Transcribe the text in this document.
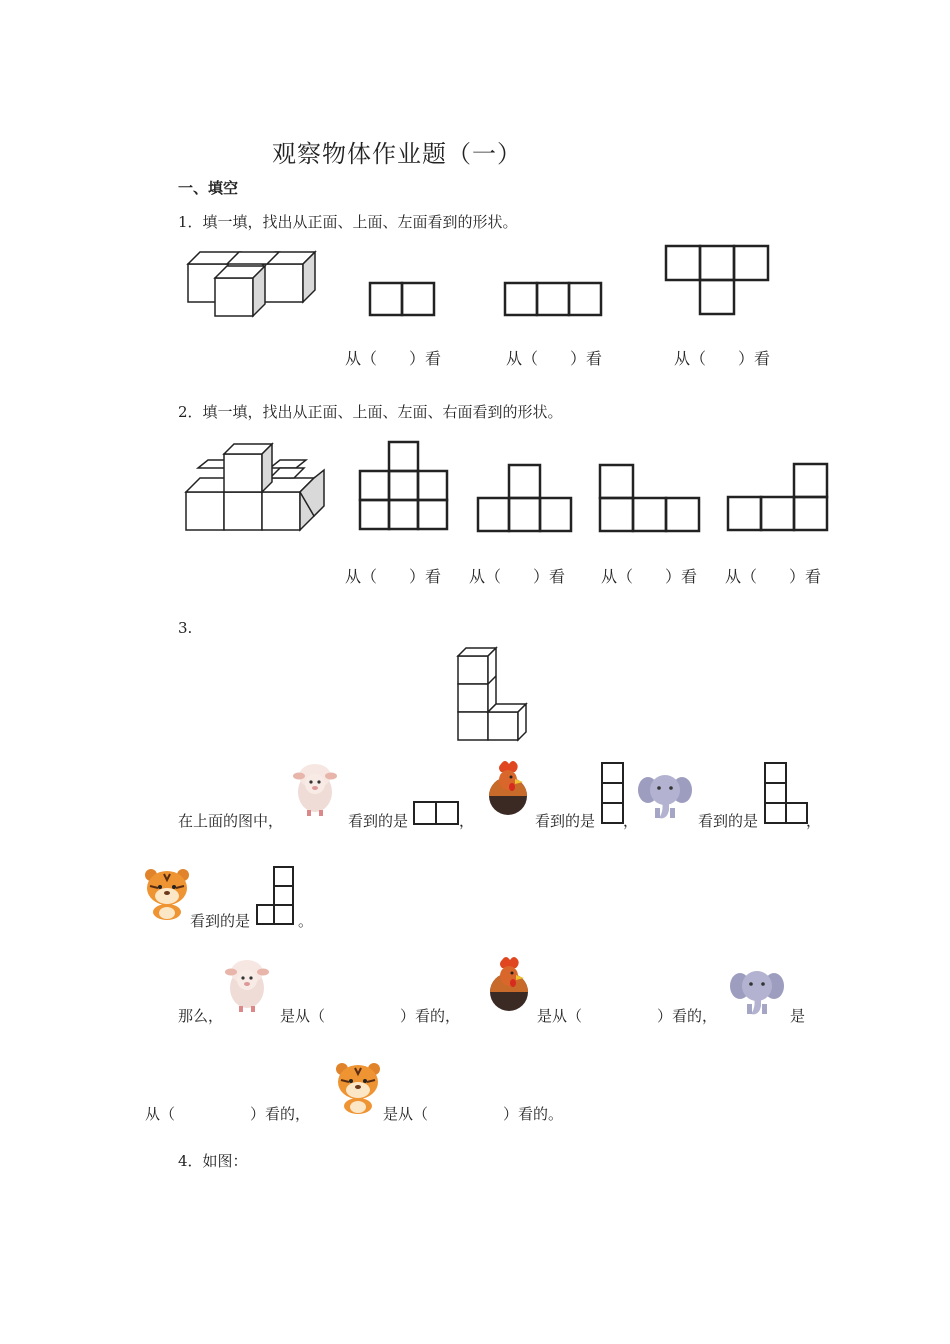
观察物体作业题（一）
一、填空
1．填一填，找出从正面、上面、左面看到的形状。
从（　　）看	从（　　）看	从（　　）看
2．填一填，找出从正面、上面、左面、右面看到的形状。
从（　　）看 从（　　）看 从（　　）看 从（　　）看
3.
在上面的图中，	看到的是	，	看到的是 ，	看到的是	，
看到的是	。
那么，	是从（　　　　　）看的，	是从（　　　　　）看的，	是
从（　　　　　）看的，	是从（　　　　　）看的。
4．如图：
